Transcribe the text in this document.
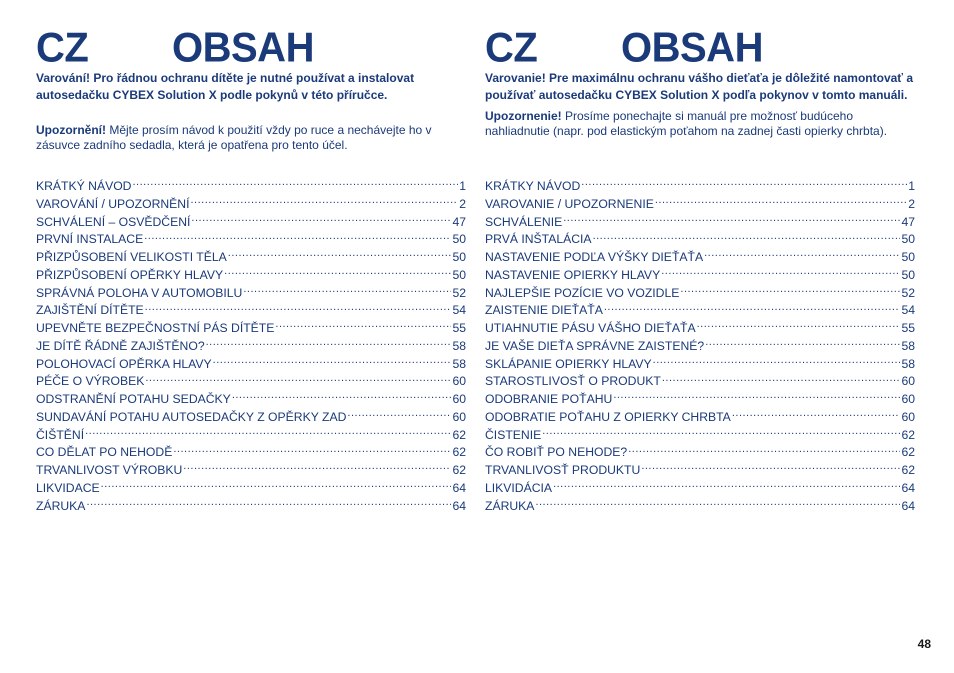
CZ	OBSAH

Varování! Pro řádnou ochranu dítěte je nutné používat a instalovat autosedačku CYBEX Solution X podle pokynů v této příručce.

Upozornění! Mějte prosím návod k použití vždy po ruce a nechávejte ho v zásuvce zadního sedadla, která je opatřena pro tento účel.

KRÁTKÝ NÁVOD .....	1
VAROVÁNÍ / UPOZORNĚNÍ .....	2
SCHVÁLENÍ – OSVĚDČENÍ .....	47
PRVNÍ INSTALACE .....	50
PŘIZPŮSOBENÍ VELIKOSTI TĚLA .....	50
PŘIZPŮSOBENÍ OPĚRKY HLAVY .....	50
SPRÁVNÁ POLOHA V AUTOMOBILU .....	52
ZAJIŠTĚNÍ DÍTĚTE .....	54
UPEVNĚTE BEZPEČNOSTNÍ PÁS DÍTĚTE .....	55
JE DÍTĚ ŘÁDNĚ ZAJIŠTĚNO? .....	58
POLOHOVACÍ OPĚRKA HLAVY .....	58
PÉČE O VÝROBEK .....	60
ODSTRANĚNÍ POTAHU SEDAČKY .....	60
SUNDAVÁNÍ POTAHU AUTOSEDAČKY Z OPĚRKY ZAD .....	60
ČIŠTĚNÍ .....	62
CO DĚLAT PO NEHODĚ .....	62
TRVANLIVOST VÝROBKU .....	62
LIKVIDACE .....	64
ZÁRUKA .....	64
CZ	OBSAH

Varovanie! Pre maximálnu ochranu vášho dieťaťa je dôležité namontovať a používať autosedačku CYBEX Solution X podľa pokynov v tomto manuáli.

Upozornenie! Prosíme ponechajte si manuál pre možnosť budúceho nahliadnutie (napr. pod elastickým poťahom na zadnej časti opierky chrbta).

KRÁTKY NÁVOD .....	1
VAROVANIE / UPOZORNENIE .....	2
SCHVÁLENIE .....	47
PRVÁ INŠTALÁCIA .....	50
NASTAVENIE PODĽA VÝŠKY DIEŤAŤA .....	50
NASTAVENIE OPIERKY HLAVY .....	50
NAJLEPŠIE POZÍCIE VO VOZIDLE .....	52
ZAISTENIE DIEŤAŤA .....	54
UTIAHNUTIE PÁSU VÁŠHO DIEŤAŤA .....	55
JE VAŠE DIEŤA SPRÁVNE ZAISTENÉ? .....	58
SKLÁPANIE OPIERKY HLAVY .....	58
STAROSTLIVOSŤ O PRODUKT .....	60
ODOBRANIE POŤAHU .....	60
ODOBRATIE POŤAHU Z OPIERKY CHRBTA .....	60
ČISTENIE .....	62
ČO ROBIŤ PO NEHODE? .....	62
TRVANLIVOSŤ PRODUKTU .....	62
LIKVIDÁCIA .....	64
ZÁRUKA .....	64
48
